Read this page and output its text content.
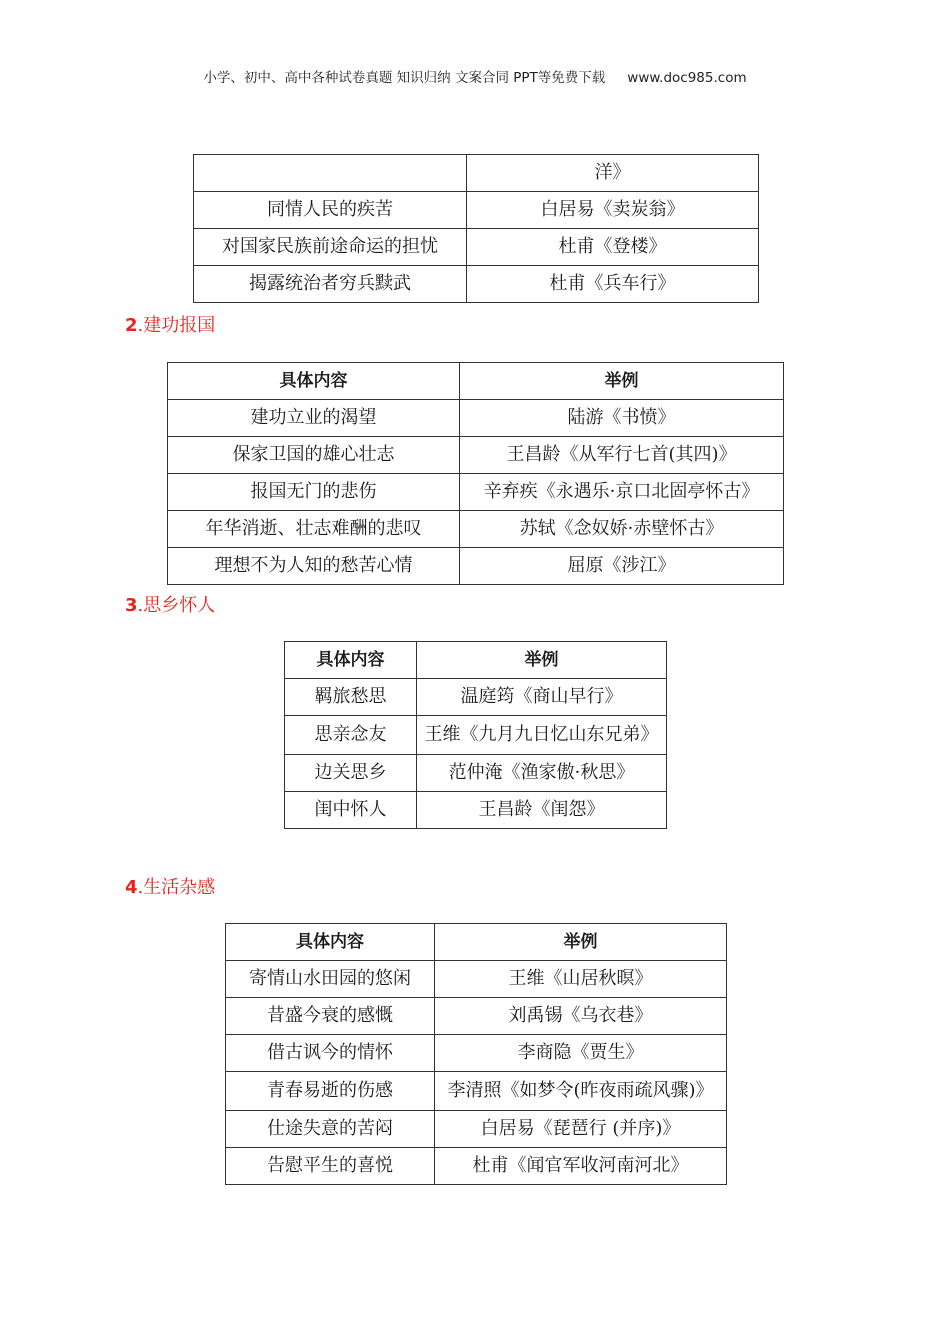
小学、初中、高中各种试卷真题 知识归纳 文案合同 PPT等免费下载 www.doc985.com
	洋》
同情人民的疾苦	白居易《卖炭翁》
对国家民族前途命运的担忧	杜甫《登楼》
揭露统治者穷兵黩武	杜甫《兵车行》
2.建功报国
具体内容	举例
建功立业的渴望	陆游《书愤》
保家卫国的雄心壮志	王昌龄《从军行七首(其四)》
报国无门的悲伤	辛弃疾《永遇乐·京口北固亭怀古》
年华消逝、壮志难酬的悲叹	苏轼《念奴娇·赤壁怀古》
理想不为人知的愁苦心情	屈原《涉江》
3.思乡怀人
具体内容	举例
羁旅愁思	温庭筠《商山早行》
思亲念友	王维《九月九日忆山东兄弟》
边关思乡	范仲淹《渔家傲·秋思》
闺中怀人	王昌龄《闺怨》
4.生活杂感
具体内容	举例
寄情山水田园的悠闲	王维《山居秋暝》
昔盛今衰的感慨	刘禹锡《乌衣巷》
借古讽今的情怀	李商隐《贾生》
青春易逝的伤感	李清照《如梦令(昨夜雨疏风骤)》
仕途失意的苦闷	白居易《琵琶行 (并序)》
告慰平生的喜悦	杜甫《闻官军收河南河北》
